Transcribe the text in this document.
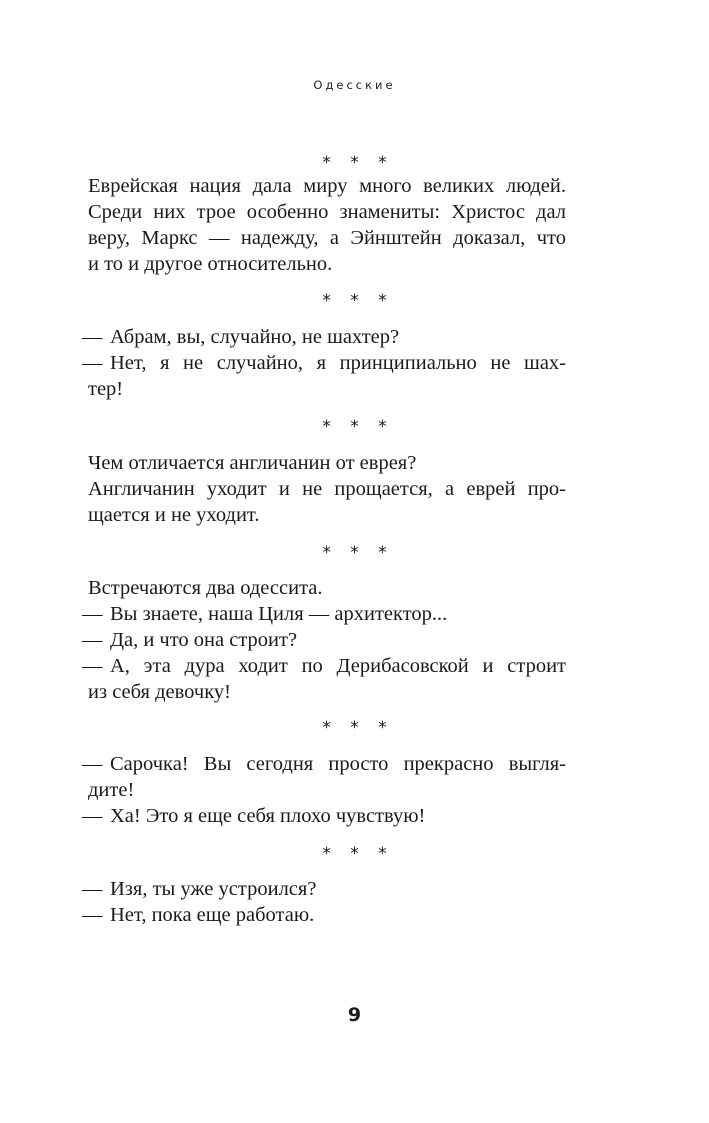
Одесские
* * *
Еврейская нация дала миру много великих людей.
Среди них трое особенно знамениты: Христос дал
веру, Маркс — надежду, а Эйнштейн доказал, что
и то и другое относительно.
* * *
— Абрам, вы, случайно, не шахтер?
— Нет, я не случайно, я принципиально не шах-
тер!
* * *
Чем отличается англичанин от еврея?
Англичанин уходит и не прощается, а еврей про-
щается и не уходит.
* * *
Встречаются два одессита.
— Вы знаете, наша Циля — архитектор...
— Да, и что она строит?
— А, эта дура ходит по Дерибасовской и строит
из себя девочку!
* * *
— Сарочка! Вы сегодня просто прекрасно выгля-
дите!
— Ха! Это я еще себя плохо чувствую!
* * *
— Изя, ты уже устроился?
— Нет, пока еще работаю.
9
